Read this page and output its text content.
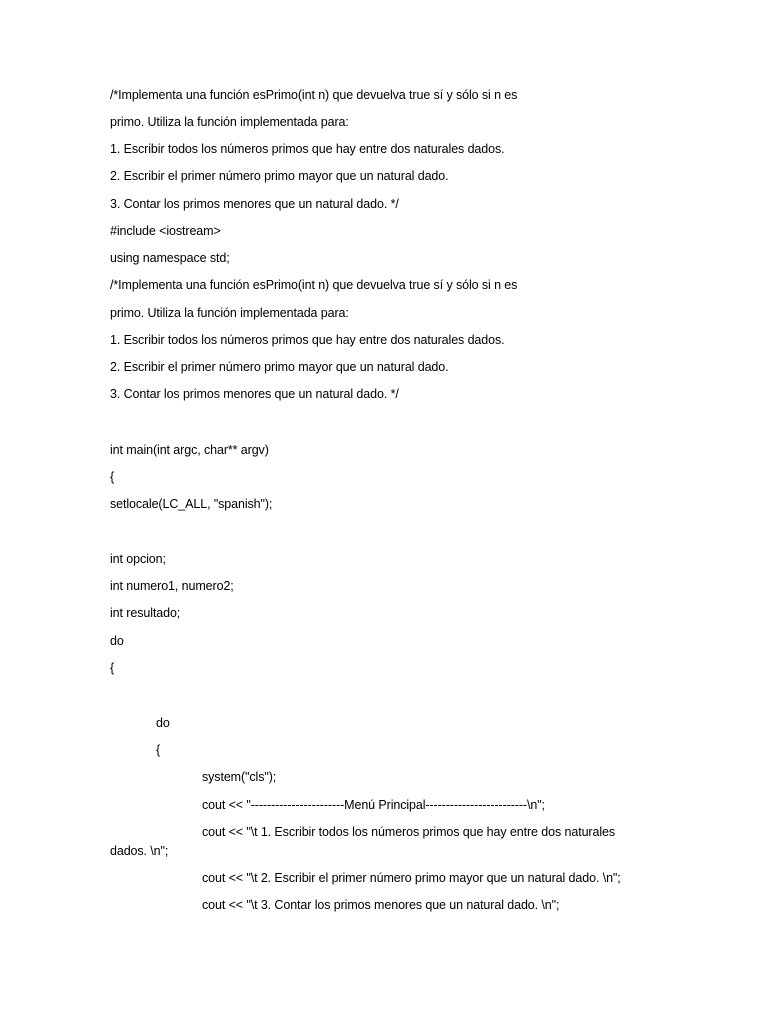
/*Implementa una función esPrimo(int n) que devuelva true sí y sólo si n es
primo. Utiliza la función implementada para:
1. Escribir todos los números primos que hay entre dos naturales dados.
2. Escribir el primer número primo mayor que un natural dado.
3. Contar los primos menores que un natural dado. */
#include <iostream>
using namespace std;
/*Implementa una función esPrimo(int n) que devuelva true sí y sólo si n es
primo. Utiliza la función implementada para:
1. Escribir todos los números primos que hay entre dos naturales dados.
2. Escribir el primer número primo mayor que un natural dado.
3. Contar los primos menores que un natural dado. */
int main(int argc, char** argv)
{
setlocale(LC_ALL, "spanish");
int opcion;
int numero1, numero2;
int resultado;
do
{
do
{
system("cls");
cout << "-----------------------Menú Principal-------------------------\n";
cout << "\t 1. Escribir todos los números primos que hay entre dos naturales
dados. \n";
cout << "\t 2. Escribir el primer número primo mayor que un natural dado. \n";
cout << "\t 3. Contar los primos menores que un natural dado. \n";
